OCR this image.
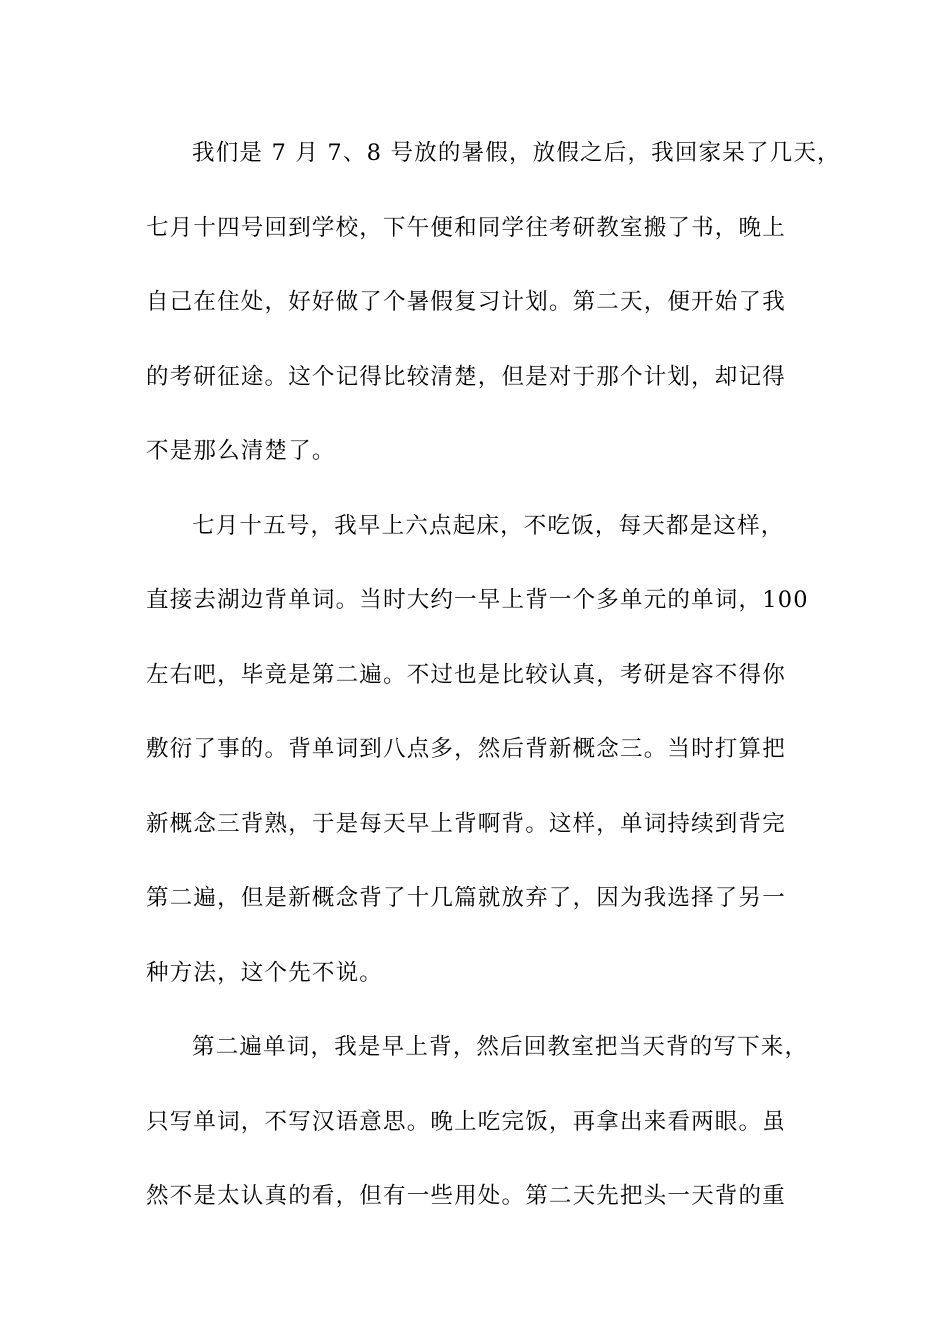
我们是 7 月 7、8 号放的暑假，放假之后，我回家呆了几天，
七月十四号回到学校，下午便和同学往考研教室搬了书，晚上
自己在住处，好好做了个暑假复习计划。第二天，便开始了我
的考研征途。这个记得比较清楚，但是对于那个计划，却记得
不是那么清楚了。
七月十五号，我早上六点起床，不吃饭，每天都是这样，
直接去湖边背单词。当时大约一早上背一个多单元的单词，100
左右吧，毕竟是第二遍。不过也是比较认真，考研是容不得你
敷衍了事的。背单词到八点多，然后背新概念三。当时打算把
新概念三背熟，于是每天早上背啊背。这样，单词持续到背完
第二遍，但是新概念背了十几篇就放弃了，因为我选择了另一
种方法，这个先不说。
第二遍单词，我是早上背，然后回教室把当天背的写下来，
只写单词，不写汉语意思。晚上吃完饭，再拿出来看两眼。虽
然不是太认真的看，但有一些用处。第二天先把头一天背的重
